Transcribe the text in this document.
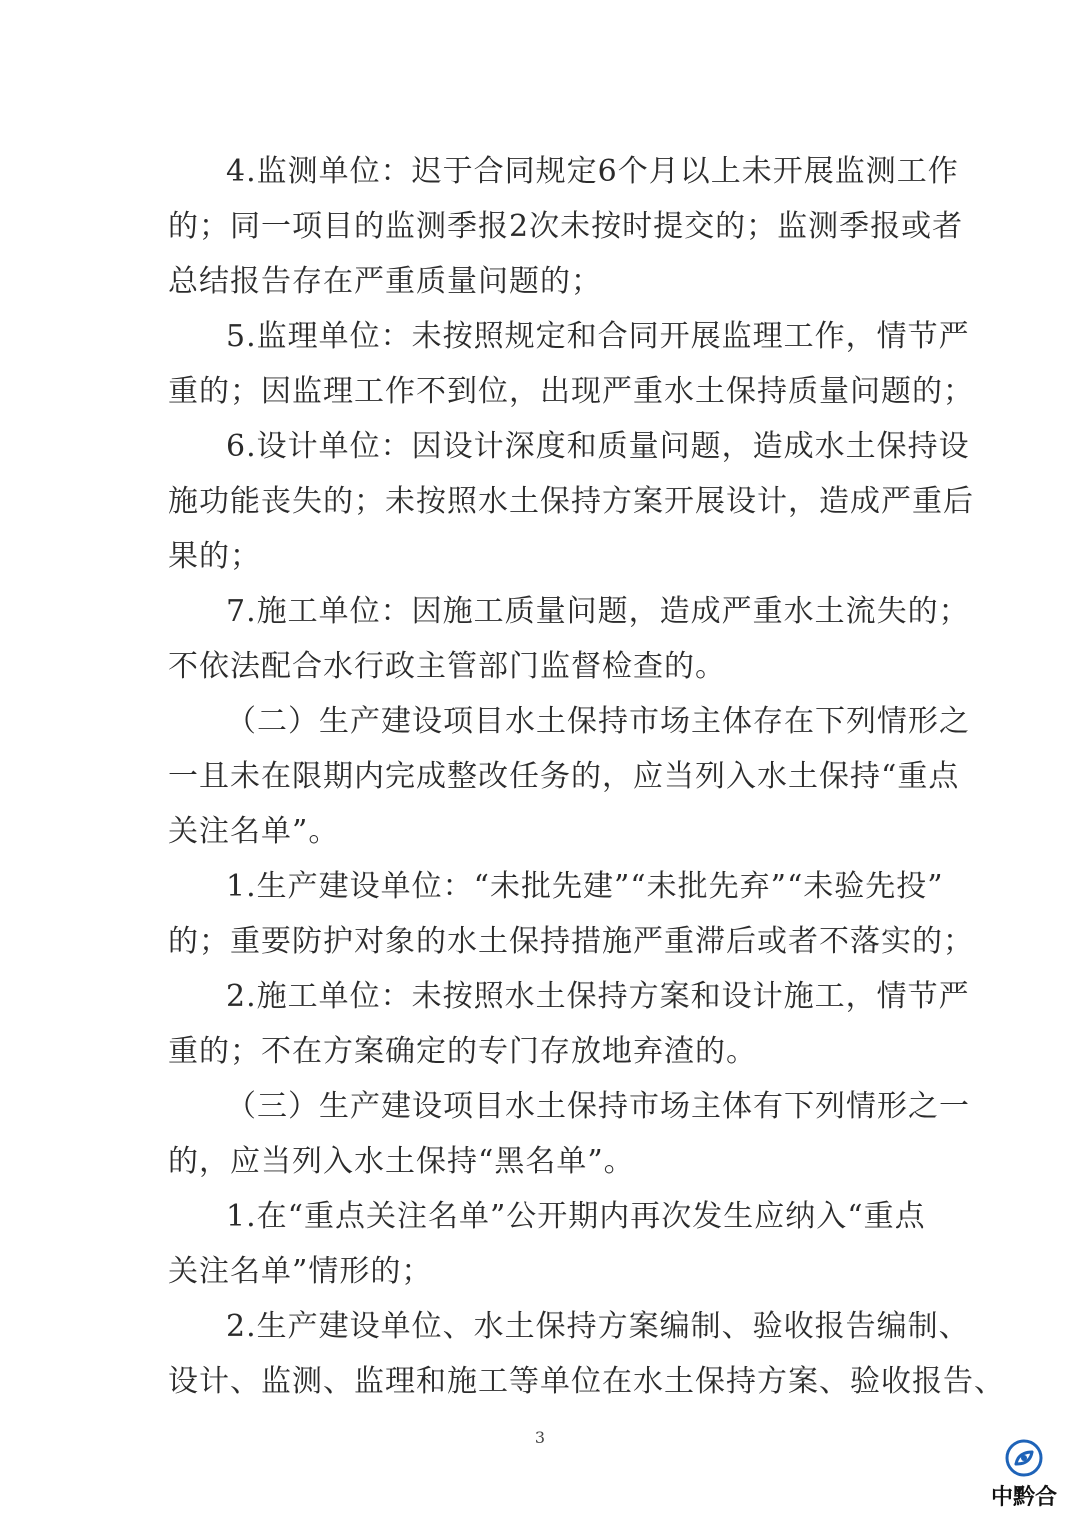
4.监测单位：迟于合同规定6个月以上未开展监测工作
的；同一项目的监测季报2次未按时提交的；监测季报或者
总结报告存在严重质量问题的；
5.监理单位：未按照规定和合同开展监理工作，情节严
重的；因监理工作不到位，出现严重水土保持质量问题的；
6.设计单位：因设计深度和质量问题，造成水土保持设
施功能丧失的；未按照水土保持方案开展设计，造成严重后
果的；
7.施工单位：因施工质量问题，造成严重水土流失的；
不依法配合水行政主管部门监督检查的。
（二）生产建设项目水土保持市场主体存在下列情形之
一且未在限期内完成整改任务的，应当列入水土保持“重点
关注名单”。
1.生产建设单位：“未批先建”“未批先弃”“未验先投”
的；重要防护对象的水土保持措施严重滞后或者不落实的；
2.施工单位：未按照水土保持方案和设计施工，情节严
重的；不在方案确定的专门存放地弃渣的。
（三）生产建设项目水土保持市场主体有下列情形之一
的，应当列入水土保持“黑名单”。
1.在“重点关注名单”公开期内再次发生应纳入“重点
关注名单”情形的；
2.生产建设单位、水土保持方案编制、验收报告编制、
设计、监测、监理和施工等单位在水土保持方案、验收报告、
3
中黔合
